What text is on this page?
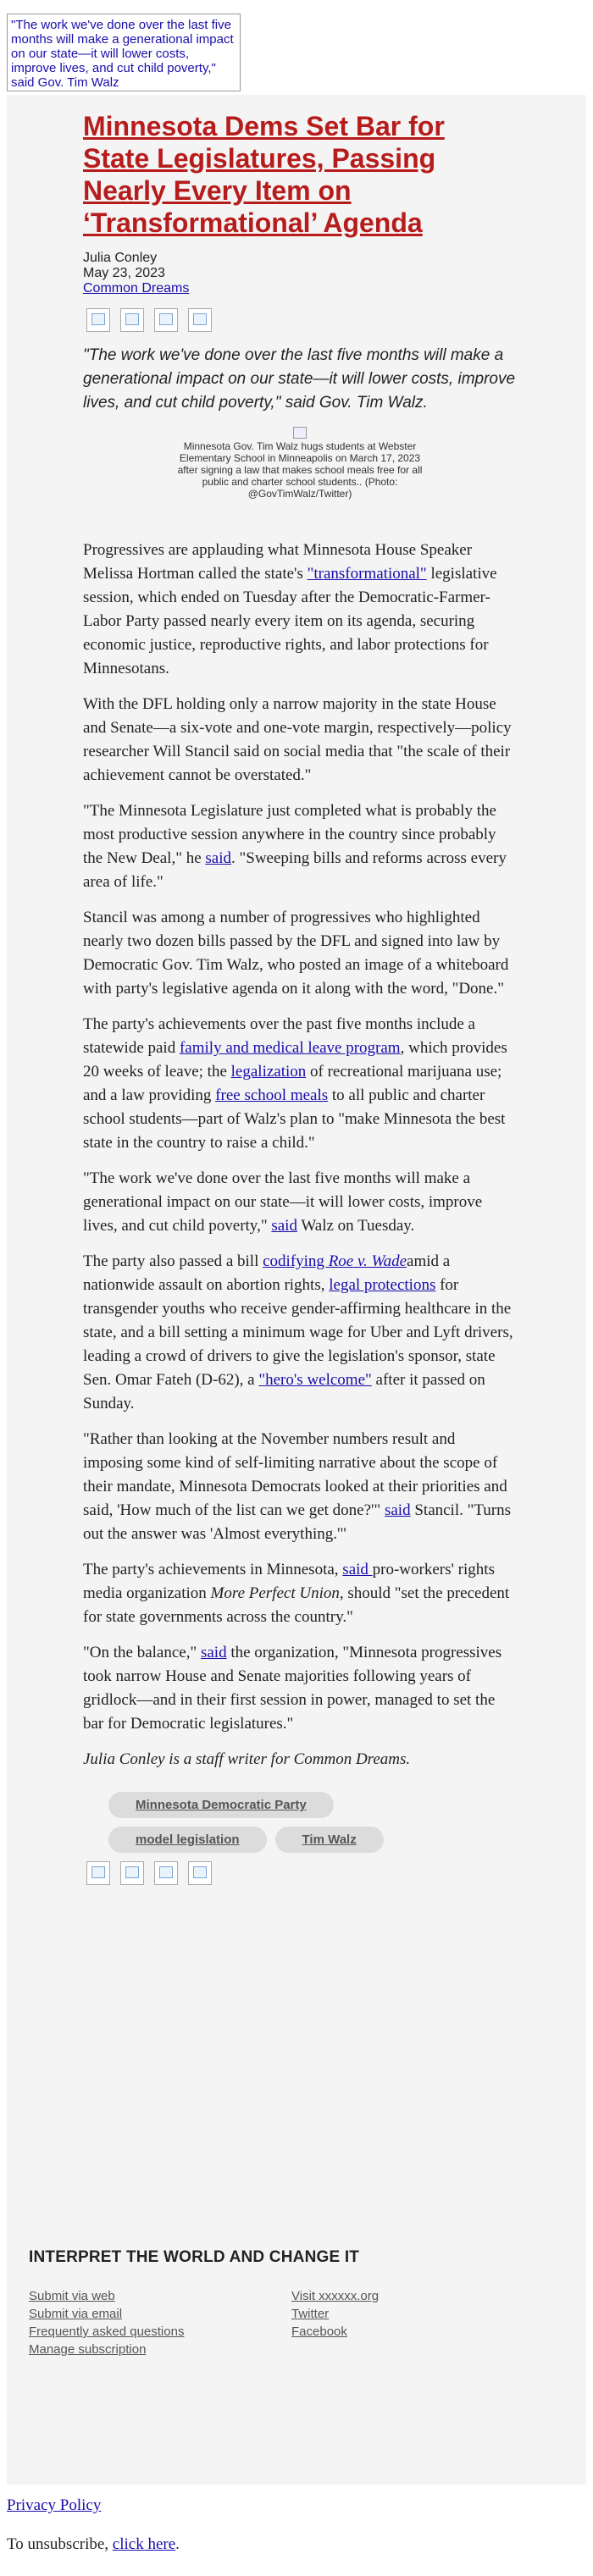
"The work we've done over the last five months will make a generational impact on our state—it will lower costs, improve lives, and cut child poverty," said Gov. Tim Walz
Minnesota Dems Set Bar for State Legislatures, Passing Nearly Every Item on ‘Transformational’ Agenda
Julia Conley
May 23, 2023
Common Dreams

"The work we've done over the last five months will make a generational impact on our state—it will lower costs, improve lives, and cut child poverty," said Gov. Tim Walz.

Minnesota Gov. Tim Walz hugs students at Webster Elementary School in Minneapolis on March 17, 2023 after signing a law that makes school meals free for all public and charter school students.. (Photo: @GovTimWalz/Twitter)

Progressives are applauding what Minnesota House Speaker Melissa Hortman called the state's "transformational" legislative session, which ended on Tuesday after the Democratic-Farmer-Labor Party passed nearly every item on its agenda, securing economic justice, reproductive rights, and labor protections for Minnesotans.

With the DFL holding only a narrow majority in the state House and Senate—a six-vote and one-vote margin, respectively—policy researcher Will Stancil said on social media that "the scale of their achievement cannot be overstated."

"The Minnesota Legislature just completed what is probably the most productive session anywhere in the country since probably the New Deal," he said. "Sweeping bills and reforms across every area of life."

Stancil was among a number of progressives who highlighted nearly two dozen bills passed by the DFL and signed into law by Democratic Gov. Tim Walz, who posted an image of a whiteboard with party's legislative agenda on it along with the word, "Done."

The party's achievements over the past five months include a statewide paid family and medical leave program, which provides 20 weeks of leave; the legalization of recreational marijuana use; and a law providing free school meals to all public and charter school students—part of Walz's plan to "make Minnesota the best state in the country to raise a child."

"The work we've done over the last five months will make a generational impact on our state—it will lower costs, improve lives, and cut child poverty," said Walz on Tuesday.

The party also passed a bill codifying Roe v. Wadeamid a nationwide assault on abortion rights, legal protections for transgender youths who receive gender-affirming healthcare in the state, and a bill setting a minimum wage for Uber and Lyft drivers, leading a crowd of drivers to give the legislation's sponsor, state Sen. Omar Fateh (D-62), a "hero's welcome" after it passed on Sunday.

"Rather than looking at the November numbers result and imposing some kind of self-limiting narrative about the scope of their mandate, Minnesota Democrats looked at their priorities and said, 'How much of the list can we get done?'" said Stancil. "Turns out the answer was 'Almost everything.'"

The party's achievements in Minnesota, said pro-workers' rights media organization More Perfect Union, should "set the precedent for state governments across the country."

"On the balance," said the organization, "Minnesota progressives took narrow House and Senate majorities following years of gridlock—and in their first session in power, managed to set the bar for Democratic legislatures."

Julia Conley is a staff writer for Common Dreams.

Minnesota Democratic Party
model legislation	Tim Walz
INTERPRET THE WORLD AND CHANGE IT
Submit via web
Submit via email
Frequently asked questions
Manage subscription
Visit xxxxxx.org
Twitter
Facebook
Privacy Policy
To unsubscribe, click here.
